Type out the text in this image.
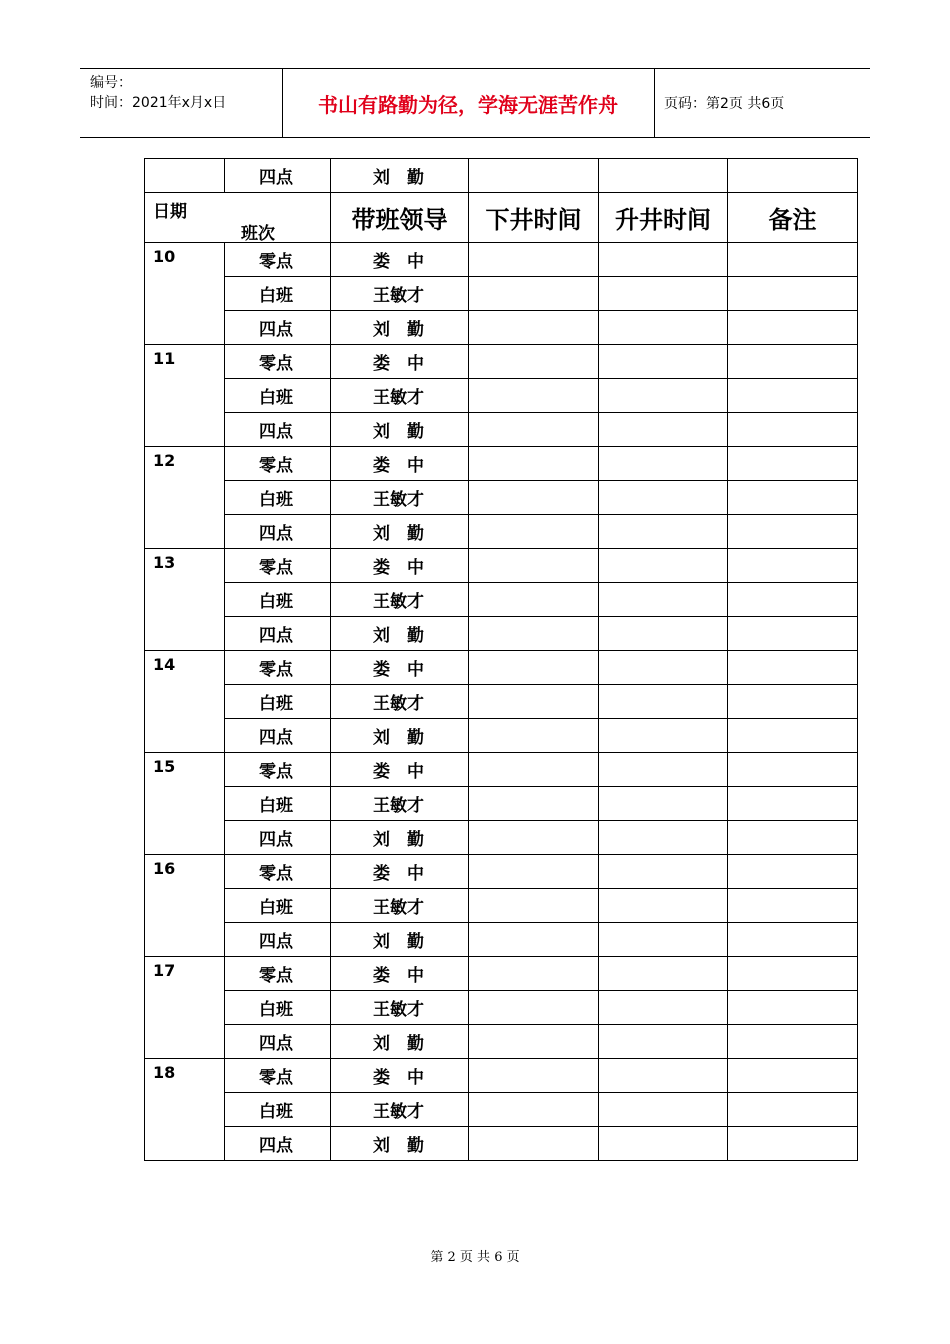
编号：
时间：2021年x月x日	书山有路勤为径，学海无涯苦作舟	页码：第2页 共6页
	四点	刘　勤			

日期
班次		带班领导	下井时间	升井时间	备注
10	零点	娄　中			
	白班	王敏才			
	四点	刘　勤			
11	零点	娄　中			
	白班	王敏才			
	四点	刘　勤			
12	零点	娄　中			
	白班	王敏才			
	四点	刘　勤			
13	零点	娄　中			
	白班	王敏才			
	四点	刘　勤			
14	零点	娄　中			
	白班	王敏才			
	四点	刘　勤			
15	零点	娄　中			
	白班	王敏才			
	四点	刘　勤			
16	零点	娄　中			
	白班	王敏才			
	四点	刘　勤			
17	零点	娄　中			
	白班	王敏才			
	四点	刘　勤			
18	零点	娄　中			
	白班	王敏才			
	四点	刘　勤			
第 2 页 共 6 页
